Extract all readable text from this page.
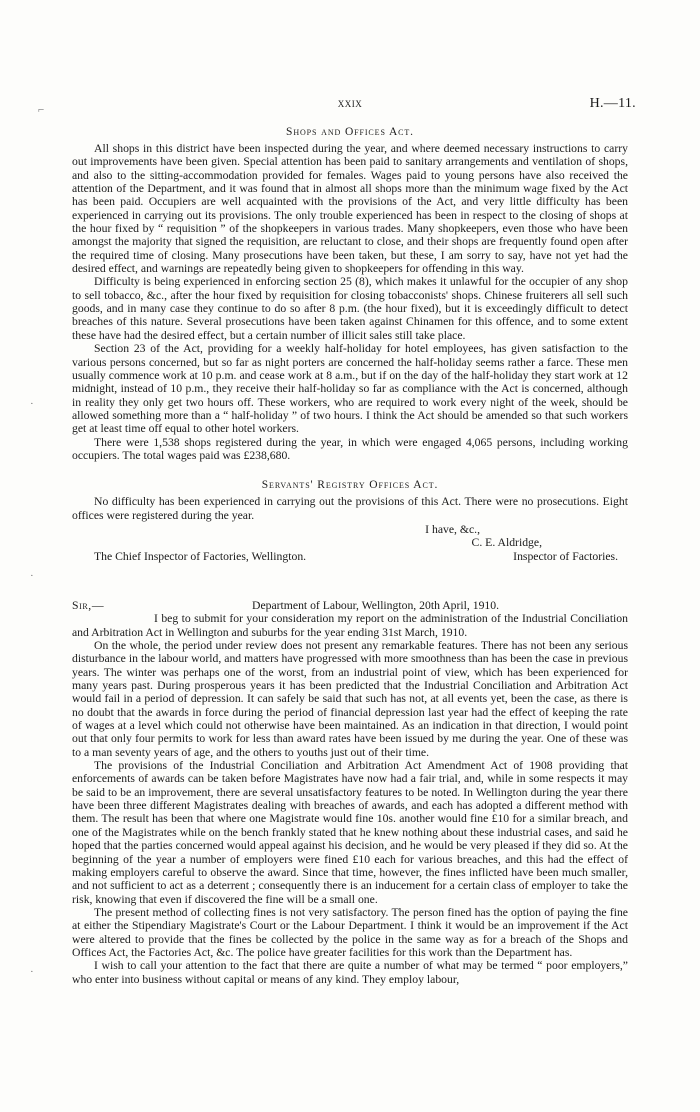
⌐
·
·
·
xxix	H.—11.
Shops and Offices Act.

All shops in this district have been inspected during the year, and where deemed necessary instructions to carry out improvements have been given. Special attention has been paid to sanitary arrangements and ventilation of shops, and also to the sitting-accommodation provided for females. Wages paid to young persons have also received the attention of the Department, and it was found that in almost all shops more than the minimum wage fixed by the Act has been paid. Occupiers are well acquainted with the provisions of the Act, and very little difficulty has been experienced in carrying out its provisions. The only trouble experienced has been in respect to the closing of shops at the hour fixed by “ requisition ” of the shopkeepers in various trades. Many shopkeepers, even those who have been amongst the majority that signed the requisition, are reluctant to close, and their shops are frequently found open after the required time of closing. Many prosecutions have been taken, but these, I am sorry to say, have not yet had the desired effect, and warnings are repeatedly being given to shopkeepers for offending in this way.

Difficulty is being experienced in enforcing section 25 (8), which makes it unlawful for the occupier of any shop to sell tobacco, &c., after the hour fixed by requisition for closing tobacconists' shops. Chinese fruiterers all sell such goods, and in many case they continue to do so after 8 p.m. (the hour fixed), but it is exceedingly difficult to detect breaches of this nature. Several prosecutions have been taken against Chinamen for this offence, and to some extent these have had the desired effect, but a certain number of illicit sales still take place.

Section 23 of the Act, providing for a weekly half-holiday for hotel employees, has given satisfaction to the various persons concerned, but so far as night porters are concerned the half-holiday seems rather a farce. These men usually commence work at 10 p.m. and cease work at 8 a.m., but if on the day of the half-holiday they start work at 12 midnight, instead of 10 p.m., they receive their half-holiday so far as compliance with the Act is concerned, although in reality they only get two hours off. These workers, who are required to work every night of the week, should be allowed something more than a “ half-holiday ” of two hours. I think the Act should be amended so that such workers get at least time off equal to other hotel workers.

There were 1,538 shops registered during the year, in which were engaged 4,065 persons, including working occupiers. The total wages paid was £238,680.

Servants' Registry Offices Act.

No difficulty has been experienced in carrying out the provisions of this Act. There were no prosecutions. Eight offices were registered during the year.

I have, &c.,
C. E. Aldridge,
The Chief Inspector of Factories, Wellington.	Inspector of Factories.
Sir,—	Department of Labour, Wellington, 20th April, 1910.

I beg to submit for your consideration my report on the administration of the Industrial Conciliation and Arbitration Act in Wellington and suburbs for the year ending 31st March, 1910.

On the whole, the period under review does not present any remarkable features. There has not been any serious disturbance in the labour world, and matters have progressed with more smoothness than has been the case in previous years. The winter was perhaps one of the worst, from an industrial point of view, which has been experienced for many years past. During prosperous years it has been predicted that the Industrial Conciliation and Arbitration Act would fail in a period of depression. It can safely be said that such has not, at all events yet, been the case, as there is no doubt that the awards in force during the period of financial depression last year had the effect of keeping the rate of wages at a level which could not otherwise have been maintained. As an indication in that direction, I would point out that only four permits to work for less than award rates have been issued by me during the year. One of these was to a man seventy years of age, and the others to youths just out of their time.

The provisions of the Industrial Conciliation and Arbitration Act Amendment Act of 1908 providing that enforcements of awards can be taken before Magistrates have now had a fair trial, and, while in some respects it may be said to be an improvement, there are several unsatisfactory features to be noted. In Wellington during the year there have been three different Magistrates dealing with breaches of awards, and each has adopted a different method with them. The result has been that where one Magistrate would fine 10s. another would fine £10 for a similar breach, and one of the Magistrates while on the bench frankly stated that he knew nothing about these industrial cases, and said he hoped that the parties concerned would appeal against his decision, and he would be very pleased if they did so. At the beginning of the year a number of employers were fined £10 each for various breaches, and this had the effect of making employers careful to observe the award. Since that time, however, the fines inflicted have been much smaller, and not sufficient to act as a deterrent ; consequently there is an inducement for a certain class of employer to take the risk, knowing that even if discovered the fine will be a small one.

The present method of collecting fines is not very satisfactory. The person fined has the option of paying the fine at either the Stipendiary Magistrate's Court or the Labour Department. I think it would be an improvement if the Act were altered to provide that the fines be collected by the police in the same way as for a breach of the Shops and Offices Act, the Factories Act, &c. The police have greater facilities for this work than the Department has.

I wish to call your attention to the fact that there are quite a number of what may be termed “ poor employers,” who enter into business without capital or means of any kind. They employ labour,
